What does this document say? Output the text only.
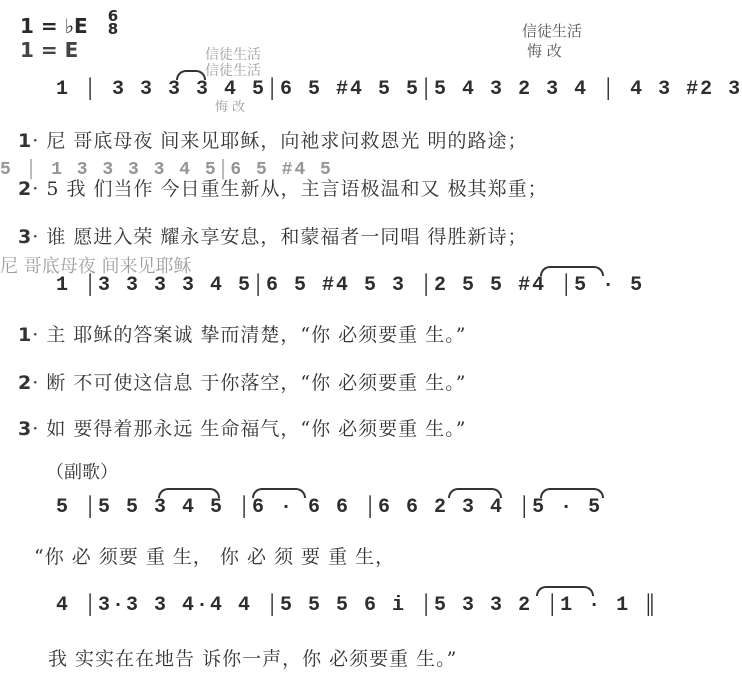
1 = ♭E
1 = E
6
8	信徒生活
悔 改
信徒生活
信徒生活
悔 改
1 │ 3 3 3 3 4 5│6 5 #4 5 5│5 4 3 2 3 4 │ 4 3 #2 3
5 │ 1 3 3 3 3 4 5│6 5 #4 5
1· 尼 哥底母夜 间来见耶稣，向祂求问救恩光 明的路途；
2· 5 我 们当作 今日重生新从，主言语极温和又 极其郑重；
3· 谁 愿进入荣 耀永享安息，和蒙福者一同唱 得胜新诗；
尼 哥底母夜 间来见耶稣
1 │3 3 3 3 4 5│6 5 #4 5 3 │2 5 5 #4 │5 · 5
1· 主 耶稣的答案诚 挚而清楚，“你 必须要重 生。”
2· 断 不可使这信息 于你落空，“你 必须要重 生。”
3· 如 要得着那永远 生命福气，“你 必须要重 生。”
（副歌）
5 │5 5 3 4 5 │6 · 6 6 │6 6 2 3 4 │5 · 5
“你 必 须要 重 生， 你 必 须 要 重 生，
4 │3·3 3 4·4 4 │5 5 5 6 i │5 3 3 2 │1 · 1 ║
我 实实在在地告 诉你一声，你 必须要重 生。”
